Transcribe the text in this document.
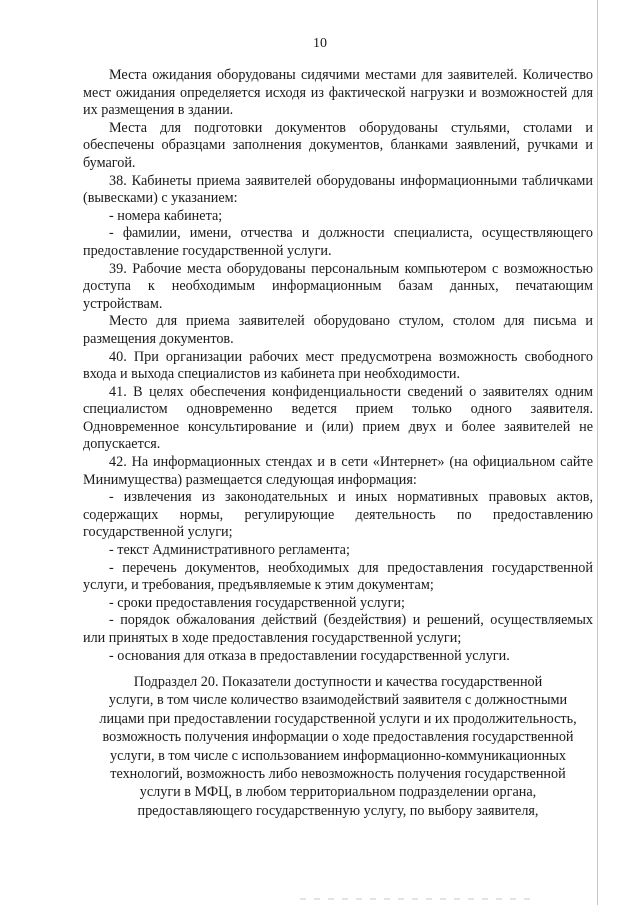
10

Места ожидания оборудованы сидячими местами для заявителей. Количество мест ожидания определяется исходя из фактической нагрузки и возможностей для их размещения в здании.

Места для подготовки документов оборудованы стульями, столами и обеспечены образцами заполнения документов, бланками заявлений, ручками и бумагой.

38. Кабинеты приема заявителей оборудованы информационными табличками (вывесками) с указанием:

- номера кабинета;

- фамилии, имени, отчества и должности специалиста, осуществляющего предоставление государственной услуги.

39. Рабочие места оборудованы персональным компьютером с возможностью доступа к необходимым информационным базам данных, печатающим устройствам.

Место для приема заявителей оборудовано стулом, столом для письма и размещения документов.

40. При организации рабочих мест предусмотрена возможность свободного входа и выхода специалистов из кабинета при необходимости.

41. В целях обеспечения конфиденциальности сведений о заявителях одним специалистом одновременно ведется прием только одного заявителя. Одновременное консультирование и (или) прием двух и более заявителей не допускается.

42. На информационных стендах и в сети «Интернет» (на официальном сайте Минимущества) размещается следующая информация:

- извлечения из законодательных и иных нормативных правовых актов, содержащих нормы, регулирующие деятельность по предоставлению государственной услуги;

- текст Административного регламента;

- перечень документов, необходимых для предоставления государственной услуги, и требования, предъявляемые к этим документам;

- сроки предоставления государственной услуги;

- порядок обжалования действий (бездействия) и решений, осуществляемых или принятых в ходе предоставления государственной услуги;

- основания для отказа в предоставлении государственной услуги.

Подраздел 20. Показатели доступности и качества государственной
услуги, в том числе количество взаимодействий заявителя с должностными
лицами при предоставлении государственной услуги и их продолжительность,
возможность получения информации о ходе предоставления государственной
услуги, в том числе с использованием информационно-коммуникационных
технологий, возможность либо невозможность получения государственной
услуги в МФЦ, в любом территориальном подразделении органа,
предоставляющего государственную услугу, по выбору заявителя,
